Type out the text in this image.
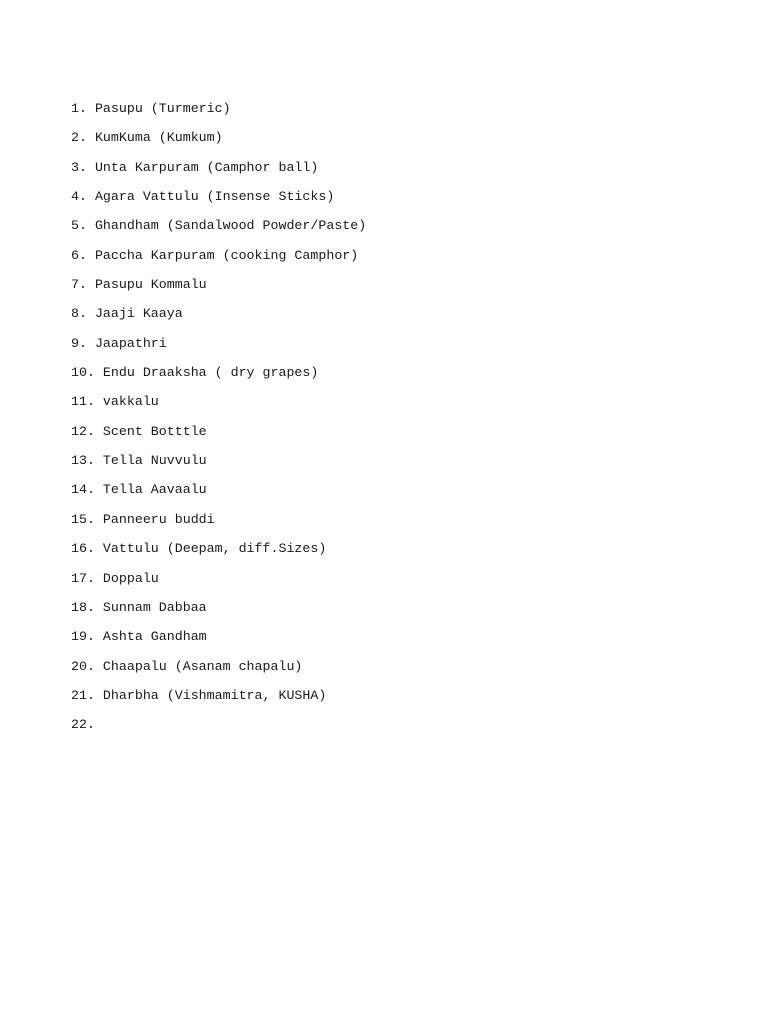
1. Pasupu (Turmeric)
2. KumKuma (Kumkum)
3. Unta Karpuram (Camphor ball)
4. Agara Vattulu (Insense Sticks)
5. Ghandham (Sandalwood Powder/Paste)
6. Paccha Karpuram (cooking Camphor)
7. Pasupu Kommalu
8. Jaaji Kaaya
9. Jaapathri
10. Endu Draaksha ( dry grapes)
11. vakkalu
12. Scent Botttle
13. Tella Nuvvulu
14. Tella Aavaalu
15. Panneeru buddi
16. Vattulu (Deepam, diff.Sizes)
17. Doppalu
18. Sunnam Dabbaa
19. Ashta Gandham
20. Chaapalu (Asanam chapalu)
21. Dharbha (Vishmamitra, KUSHA)
22.
